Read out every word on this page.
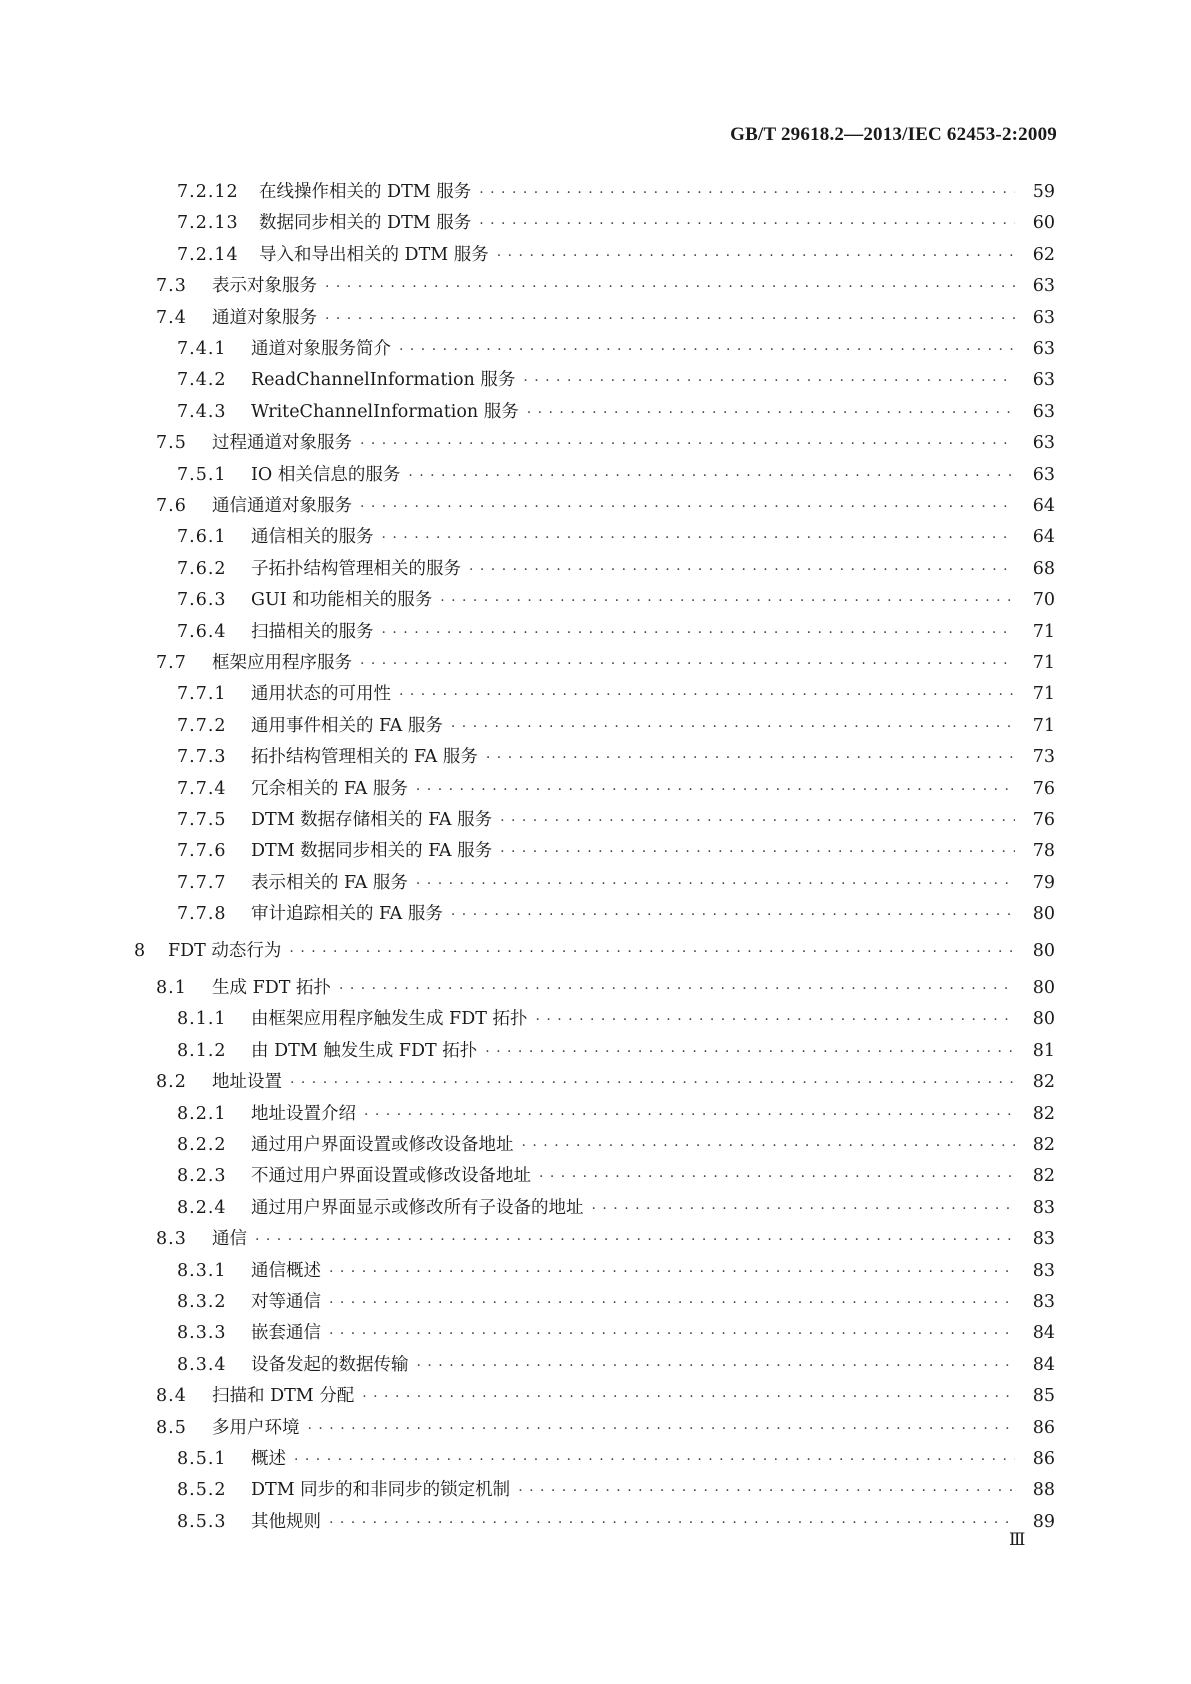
GB/T 29618.2—2013/IEC 62453-2:2009
7.2.12	在线操作相关的 DTM 服务 · · ·	59
7.2.13	数据同步相关的 DTM 服务 · · ·	60
7.2.14	导入和导出相关的 DTM 服务 · · ·	62
7.3	表示对象服务 · · ·	63
7.4	通道对象服务 · · ·	63
7.4.1	通道对象服务简介 · · ·	63
7.4.2	ReadChannelInformation 服务 · · ·	63
7.4.3	WriteChannelInformation 服务 · · ·	63
7.5	过程通道对象服务 · · ·	63
7.5.1	IO 相关信息的服务 · · ·	63
7.6	通信通道对象服务 · · ·	64
7.6.1	通信相关的服务 · · ·	64
7.6.2	子拓扑结构管理相关的服务 · · ·	68
7.6.3	GUI 和功能相关的服务 · · ·	70
7.6.4	扫描相关的服务 · · ·	71
7.7	框架应用程序服务 · · ·	71
7.7.1	通用状态的可用性 · · ·	71
7.7.2	通用事件相关的 FA 服务 · · ·	71
7.7.3	拓扑结构管理相关的 FA 服务 · · ·	73
7.7.4	冗余相关的 FA 服务 · · ·	76
7.7.5	DTM 数据存储相关的 FA 服务 · · ·	76
7.7.6	DTM 数据同步相关的 FA 服务 · · ·	78
7.7.7	表示相关的 FA 服务 · · ·	79
7.7.8	审计追踪相关的 FA 服务 · · ·	80
8	FDT 动态行为 · · ·	80
8.1	生成 FDT 拓扑 · · ·	80
8.1.1	由框架应用程序触发生成 FDT 拓扑 · · ·	80
8.1.2	由 DTM 触发生成 FDT 拓扑 · · ·	81
8.2	地址设置 · · ·	82
8.2.1	地址设置介绍 · · ·	82
8.2.2	通过用户界面设置或修改设备地址 · · ·	82
8.2.3	不通过用户界面设置或修改设备地址 · · ·	82
8.2.4	通过用户界面显示或修改所有子设备的地址 · · ·	83
8.3	通信 · · ·	83
8.3.1	通信概述 · · ·	83
8.3.2	对等通信 · · ·	83
8.3.3	嵌套通信 · · ·	84
8.3.4	设备发起的数据传输 · · ·	84
8.4	扫描和 DTM 分配 · · ·	85
8.5	多用户环境 · · ·	86
8.5.1	概述 · · ·	86
8.5.2	DTM 同步的和非同步的锁定机制 · · ·	88
8.5.3	其他规则 · · ·	89
Ⅲ
